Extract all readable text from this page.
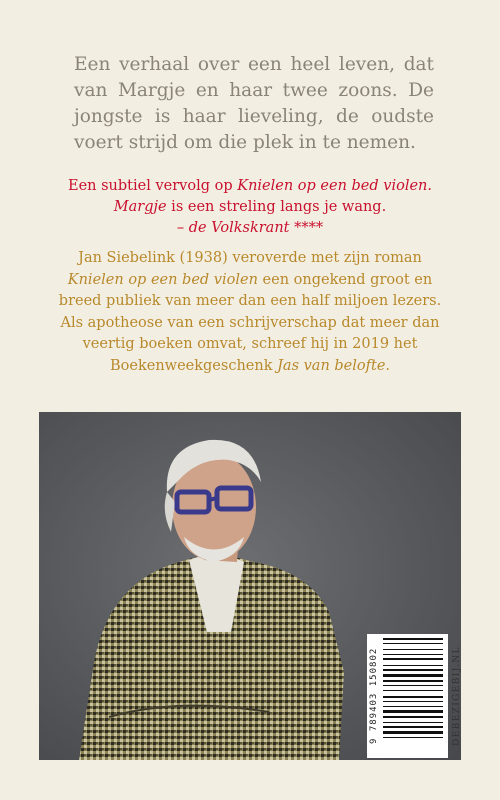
Een verhaal over een heel leven, dat van Margje en haar twee zoons. De jongste is haar lieveling, de oudste voert strijd om die plek in te nemen.

Een subtiel vervolg op Knielen op een bed violen.
Margje is een streling langs je wang.
– de Volkskrant ****

Jan Siebelink (1938) veroverde met zijn roman Knielen op een bed violen een ongekend groot en breed publiek van meer dan een half miljoen lezers. Als apotheose van een schrijverschap dat meer dan veertig boeken omvat, schreef hij in 2019 het Boekenweekgeschenk Jas van belofte.

9 789403 150802	DEBEZIGEBIJ.NL
